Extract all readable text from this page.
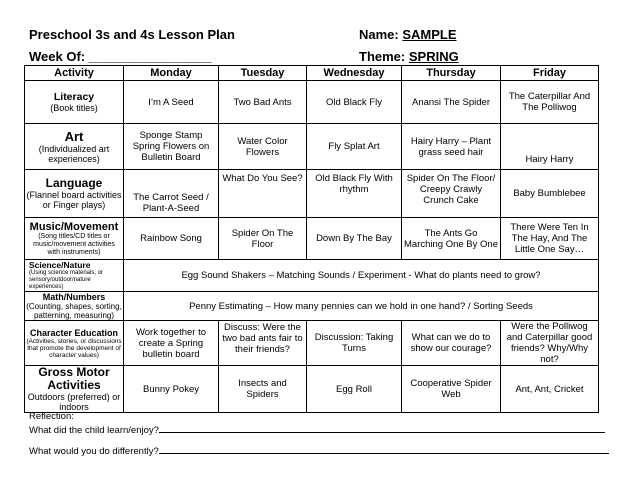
Preschool 3s and 4s Lesson Plan	Name: SAMPLE
Week Of: _________________	Theme: SPRING
Activity	Monday	Tuesday	Wednesday	Thursday	Friday

Literacy
(Book titles)	I’m A Seed	Two Bad Ants	Old Black Fly	Anansi The Spider	The Caterpillar And The Polliwog

Art
(Individualized art experiences)	Sponge Stamp Spring Flowers on Bulletin Board	Water Color Flowers	Fly Splat Art	Hairy Harry – Plant grass seed hair	Hairy Harry

Language
(Flannel board activities or Finger plays)	The Carrot Seed / Plant-A-Seed	What Do You See?	Old Black Fly With rhythm	Spider On The Floor/ Creepy Crawly Crunch Cake	Baby Bumblebee

Music/Movement
(Song titles/CD titles or music/movement activities with instruments)	Rainbow Song	Spider On The Floor	Down By The Bay	The Ants Go Marching One By One	There Were Ten In The Hay, And The Little One Say…

Science/Nature
(Using science materials, or sensory/outdoor/nature experiences)	Egg Sound Shakers – Matching Sounds / Experiment - What do plants need to grow?				

Math/Numbers
(Counting, shapes, sorting, patterning, measuring)	Penny Estimating – How many pennies can we hold in one hand? / Sorting Seeds				

Character Education
(Activities, stories, or discussions that promote the development of character values)	Work together to create a Spring bulletin board	Discuss: Were the two bad ants fair to their friends?	Discussion: Taking Turns	What can we do to show our courage?	Were the Polliwog and Caterpillar good friends? Why/Why not?

Gross Motor Activities
Outdoors (preferred) or indoors	Bunny Pokey	Insects and Spiders	Egg Roll	Cooperative Spider Web	Ant, Ant, Cricket
Reflection:
What did the child learn/enjoy?
What would you do differently?
